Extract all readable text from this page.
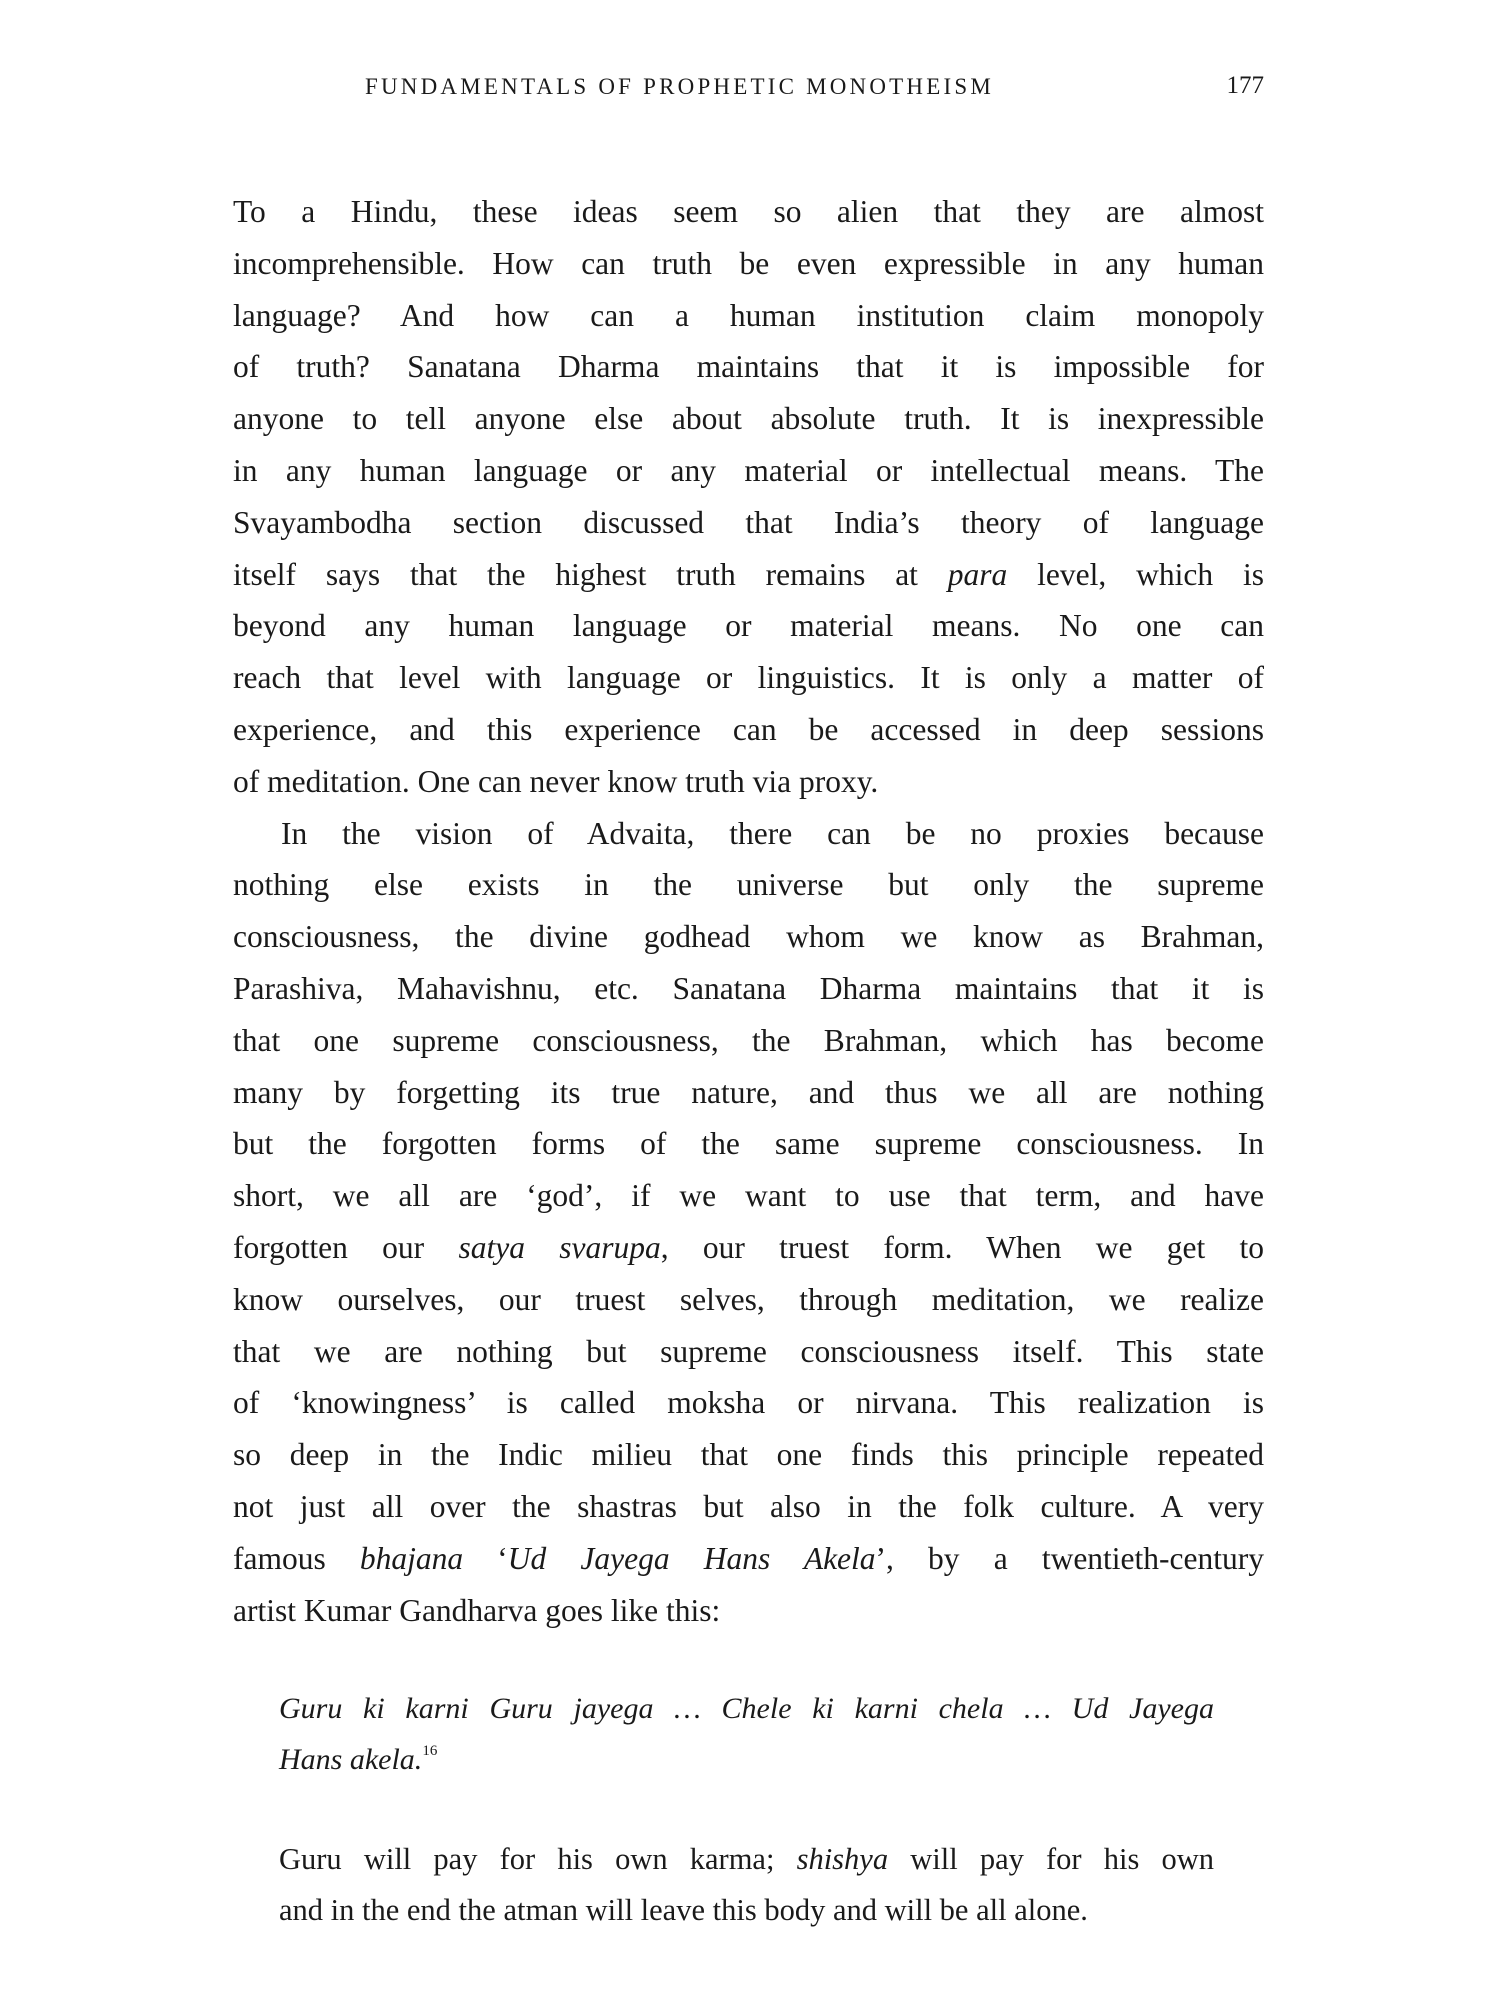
FUNDAMENTALS OF PROPHETIC MONOTHEISM	177
To a Hindu, these ideas seem so alien that they are almost
incomprehensible. How can truth be even expressible in any human
language? And how can a human institution claim monopoly
of truth? Sanatana Dharma maintains that it is impossible for
anyone to tell anyone else about absolute truth. It is inexpressible
in any human language or any material or intellectual means. The
Svayambodha section discussed that India’s theory of language
itself says that the highest truth remains at para level, which is
beyond any human language or material means. No one can
reach that level with language or linguistics. It is only a matter of
experience, and this experience can be accessed in deep sessions
of meditation. One can never know truth via proxy.
In the vision of Advaita, there can be no proxies because
nothing else exists in the universe but only the supreme
consciousness, the divine godhead whom we know as Brahman,
Parashiva, Mahavishnu, etc. Sanatana Dharma maintains that it is
that one supreme consciousness, the Brahman, which has become
many by forgetting its true nature, and thus we all are nothing
but the forgotten forms of the same supreme consciousness. In
short, we all are ‘god’, if we want to use that term, and have
forgotten our satya svarupa, our truest form. When we get to
know ourselves, our truest selves, through meditation, we realize
that we are nothing but supreme consciousness itself. This state
of ‘knowingness’ is called moksha or nirvana. This realization is
so deep in the Indic milieu that one finds this principle repeated
not just all over the shastras but also in the folk culture. A very
famous bhajana ‘Ud Jayega Hans Akela’, by a twentieth-century
artist Kumar Gandharva goes like this:
Guru ki karni Guru jayega … Chele ki karni chela … Ud Jayega
Hans akela.$^{16}$
Guru will pay for his own karma; shishya will pay for his own
and in the end the atman will leave this body and will be all alone.
